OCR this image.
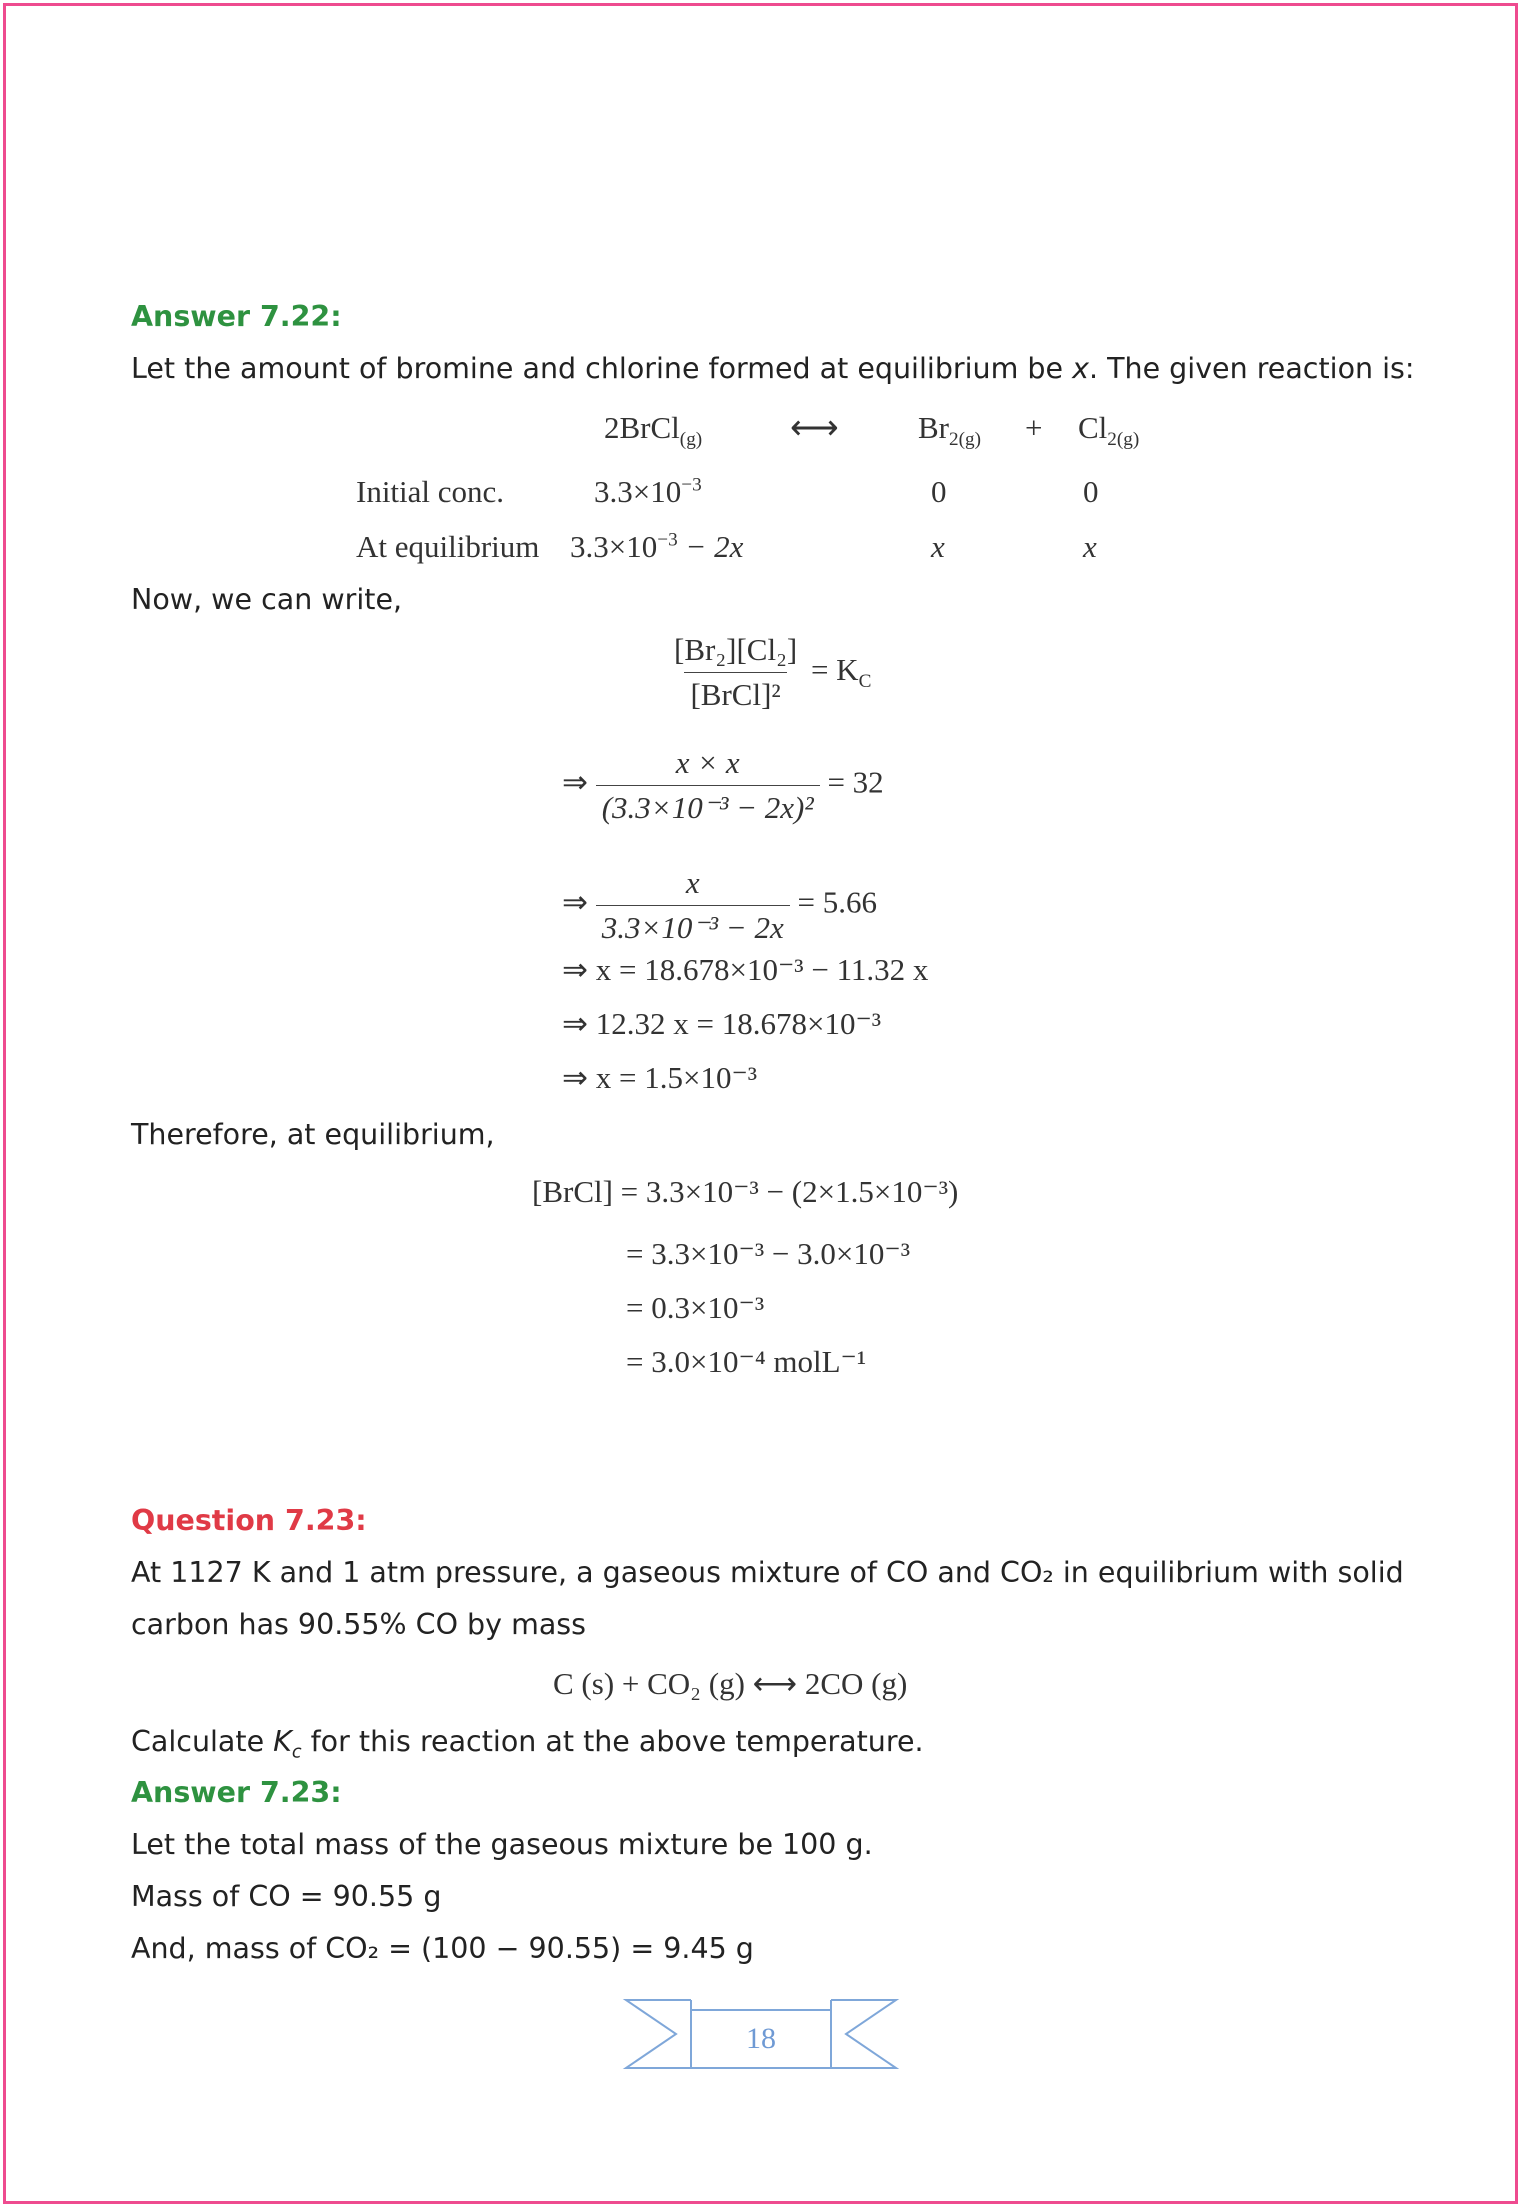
Answer 7.22:
Let the amount of bromine and chlorine formed at equilibrium be x. The given reaction is:
2BrCl$_{(g)}$	⟷	$Br_{2(g)} + Cl_{2(g)}$
Initial conc.	$3.3\times 10^{-3}$	0	0
At equilibrium $3.3\times 10^{-3} - 2x$	x	x
Now, we can write,
$\frac{\text{[Br₂][Cl₂]}}{\text{[BrCl]²}} = K_C$
⇒ $\frac{x \times x}{\text{(3.3×10⁻³ − 2x)²}} = 32$
⇒ $\frac{x}{\text{3.3×10⁻³ − 2x}} = 5.66$
⇒ x = 18.678×10⁻³ − 11.32 x
⇒ 12.32 x = 18.678×10⁻³
⇒ x = 1.5×10⁻³
Therefore, at equilibrium,
[BrCl] = 3.3×10⁻³ − (2×1.5×10⁻³)
= 3.3×10⁻³ − 3.0×10⁻³
= 0.3×10⁻³
= 3.0×10⁻⁴ molL⁻¹
Question 7.23:
At 1127 K and 1 atm pressure, a gaseous mixture of CO and CO₂ in equilibrium with solid
carbon has 90.55% CO by mass
C (s) + CO₂ (g) ⟷ 2CO (g)
Calculate $K_c$ for this reaction at the above temperature.
Answer 7.23:
Let the total mass of the gaseous mixture be 100 g.
Mass of CO = 90.55 g
And, mass of CO₂ = (100 − 90.55) = 9.45 g
18
